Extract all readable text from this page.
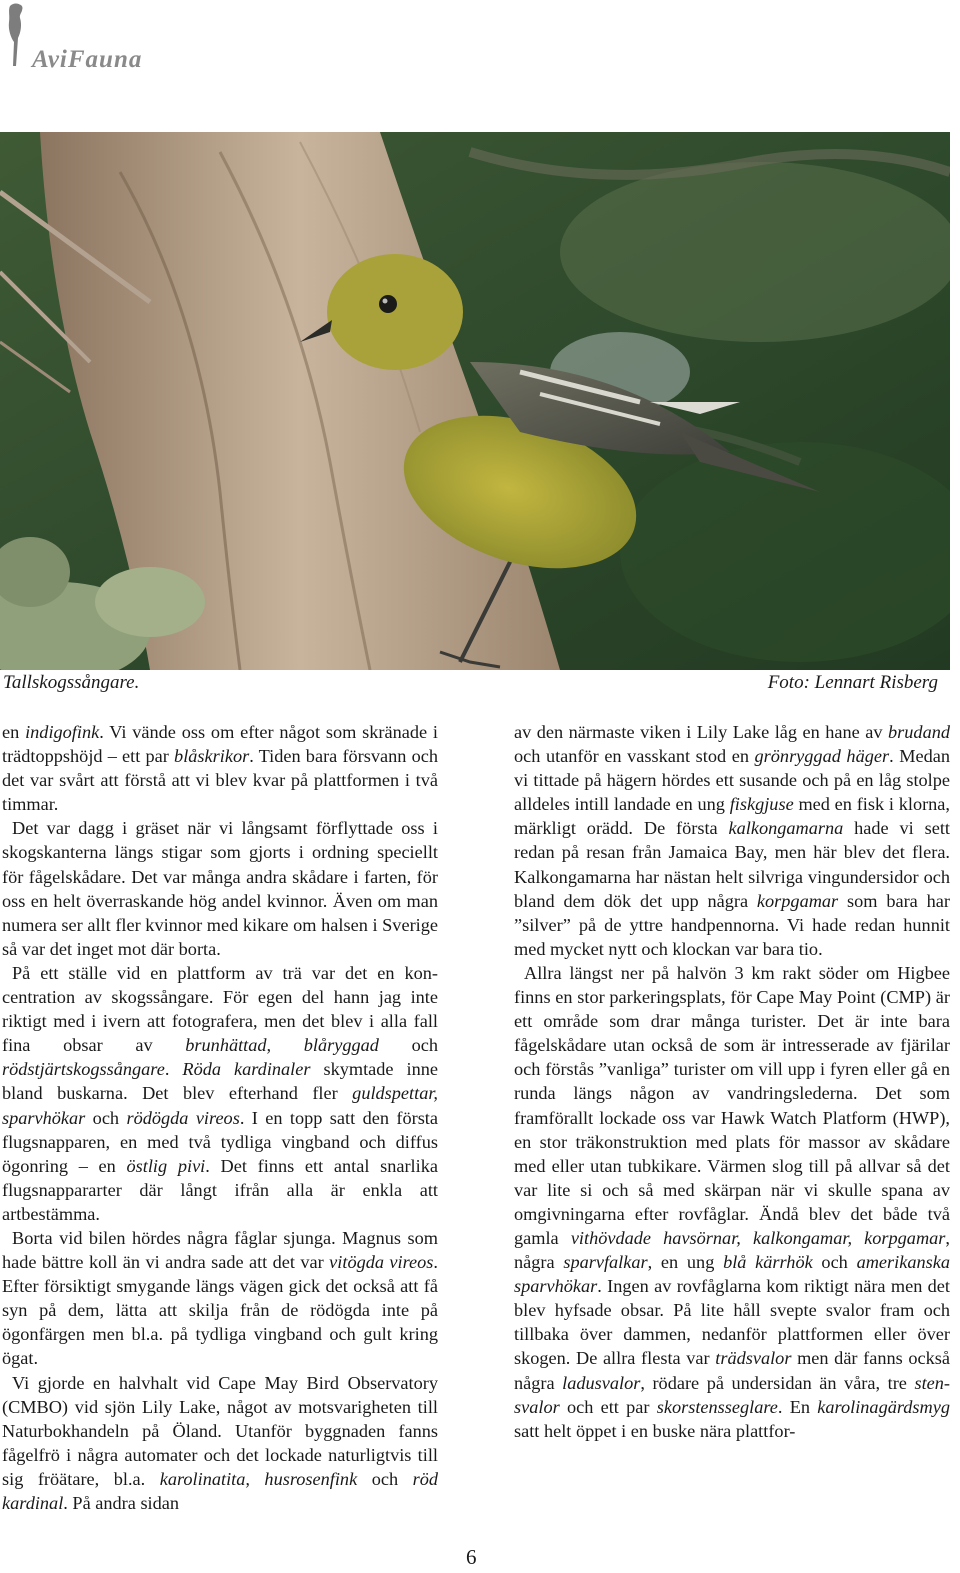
AviFauna
Tallskogssångare.	Foto: Lennart Risberg

en indigofink. Vi vände oss om efter något som skränade i trädtoppshöjd – ett par blåskrikor. Tiden bara försvann och det var svårt att förstå att vi blev kvar på plattformen i två timmar.

Det var dagg i gräset när vi långsamt förflyttade oss i skogskanterna längs stigar som gjorts i ordning speciellt för fågelskådare. Det var många andra skådare i farten, för oss en helt överraskande hög andel kvinnor. Även om man numera ser allt fler kvinnor med kikare om halsen i Sverige så var det inget mot där borta.

På ett ställe vid en plattform av trä var det en koncentration av skogssångare. För egen del hann jag inte riktigt med i ivern att fotografera, men det blev i alla fall fina obsar av brunhättad, blåryggad och rödstjärtskogssångare. Röda kardinaler skymtade inne bland buskarna. Det blev efterhand fler guldspettar, sparvhökar och rödögda vireos. I en topp satt den första flugsnapparen, en med två tydliga vingband och diffus ögonring – en östlig pivi. Det finns ett antal snarlika flugsnappararter där långt ifrån alla är enkla att artbestämma.

Borta vid bilen hördes några fåglar sjunga. Magnus som hade bättre koll än vi andra sade att det var vitögda vireos. Efter försiktigt smygande längs vägen gick det också att få syn på dem, lätta att skilja från de rödögda inte på ögonfärgen men bl.a. på tydliga vingband och gult kring ögat.

Vi gjorde en halvhalt vid Cape May Bird Observatory (CMBO) vid sjön Lily Lake, något av motsvarigheten till Naturbokhandeln på Öland. Utanför byggnaden fanns fågelfrö i några automater och det lockade naturligtvis till sig fröätare, bl.a. karolinatita, husrosenfink och röd kardinal. På andra sidan

av den närmaste viken i Lily Lake låg en hane av brudand och utanför en vasskant stod en grönryggad häger. Medan vi tittade på hägern hördes ett susande och på en låg stolpe alldeles intill landade en ung fiskgjuse med en fisk i klorna, märkligt orädd. De första kalkongamarna hade vi sett redan på resan från Jamaica Bay, men här blev det flera. Kalkongamarna har nästan helt silvriga vingundersidor och bland dem dök det upp några korpgamar som bara har ”silver” på de yttre handpennorna. Vi hade redan hunnit med mycket nytt och klockan var bara tio.

Allra längst ner på halvön 3 km rakt söder om Higbee finns en stor parkeringsplats, för Cape May Point (CMP) är ett område som drar många turister. Det är inte bara fågelskådare utan också de som är intresserade av fjärilar och förstås ”vanliga” turister om vill upp i fyren eller gå en runda längs någon av vandringslederna. Det som framförallt lockade oss var Hawk Watch Platform (HWP), en stor träkonstruktion med plats för massor av skådare med eller utan tubkikare. Värmen slog till på allvar så det var lite si och så med skärpan när vi skulle spana av omgivningarna efter rovfåglar. Ändå blev det både två gamla vithövdade havsörnar, kalkongamar, korpgamar, några sparvfalkar, en ung blå kärrhök och amerikanska sparvhökar. Ingen av rovfåglarna kom riktigt nära men det blev hyfsade obsar. På lite håll svepte svalor fram och tillbaka över dammen, nedanför plattformen eller över skogen. De allra flesta var trädsvalor men där fanns också några ladusvalor, rödare på undersidan än våra, tre stensvalor och ett par skorstensseglare. En karolinagärdsmyg satt helt öppet i en buske nära plattfor-

6
